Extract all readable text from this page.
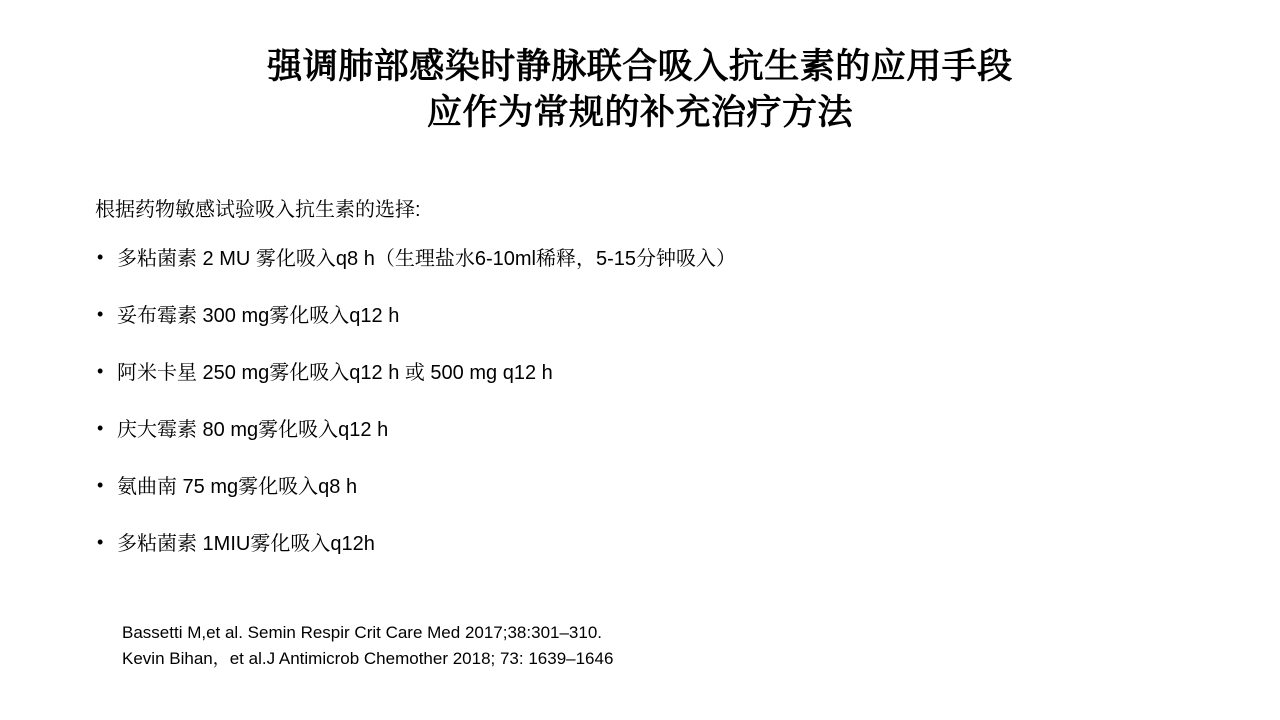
强调肺部感染时静脉联合吸入抗生素的应用手段
应作为常规的补充治疗方法
根据药物敏感试验吸入抗生素的选择:
• 多粘菌素 2 MU 雾化吸入q8 h（生理盐水6-10ml稀释，5-15分钟吸入）
• 妥布霉素 300 mg雾化吸入q12 h
• 阿米卡星 250 mg雾化吸入q12 h 或 500 mg q12 h
• 庆大霉素 80 mg雾化吸入q12 h
• 氨曲南 75 mg雾化吸入q8 h
• 多粘菌素 1MIU雾化吸入q12h
Bassetti M,et al. Semin Respir Crit Care Med 2017;38:301–310.
Kevin Bihan，et al.J Antimicrob Chemother 2018; 73: 1639–1646
